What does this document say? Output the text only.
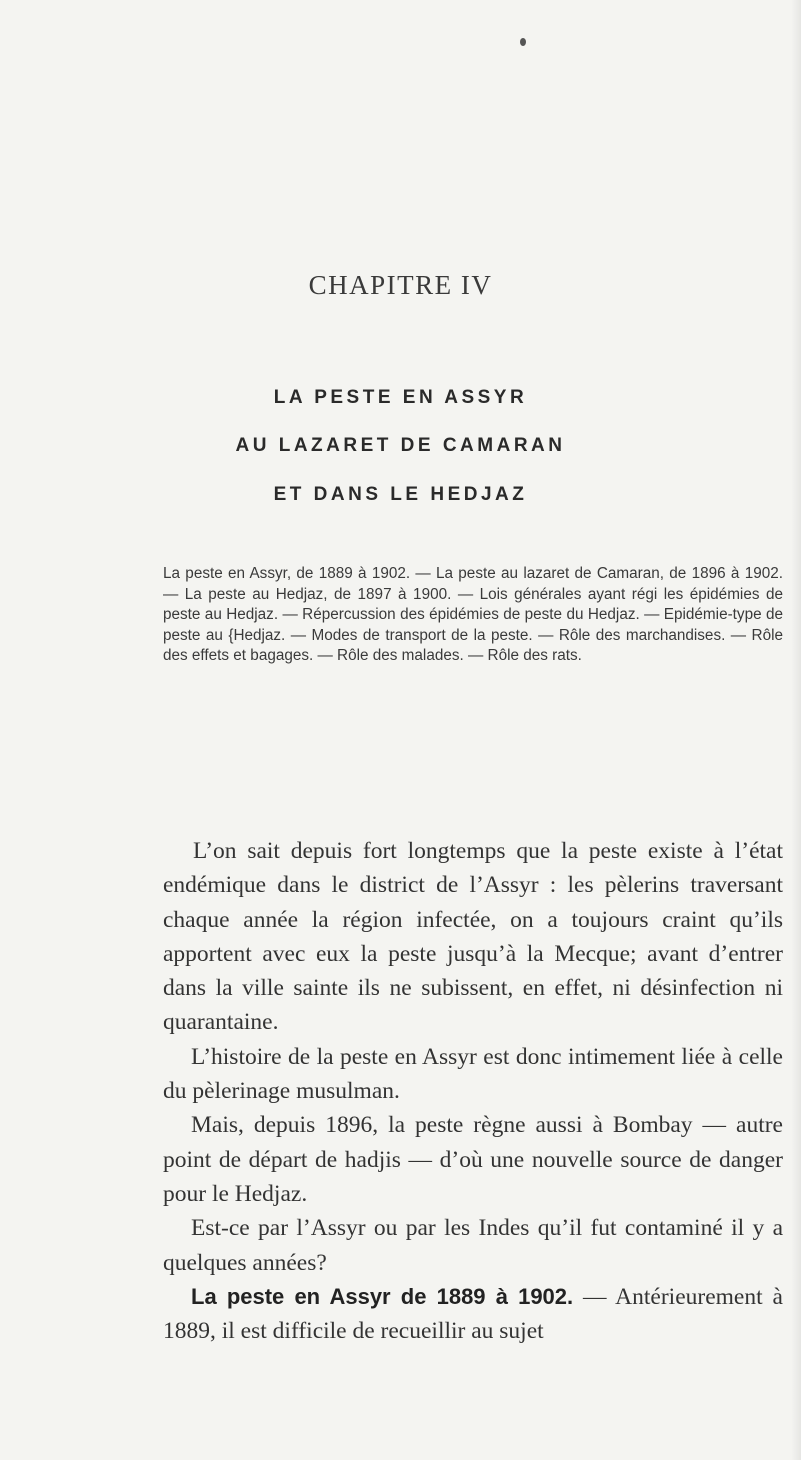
CHAPITRE IV
LA PESTE EN ASSYR
AU LAZARET DE CAMARAN
ET DANS LE HEDJAZ
La peste en Assyr, de 1889 à 1902. — La peste au lazaret de Camaran, de 1896 à 1902. — La peste au Hedjaz, de 1897 à 1900. — Lois générales ayant régi les épidémies de peste au Hedjaz. — Répercussion des épidémies de peste du Hedjaz. — Epidémie-type de peste au {Hedjaz. — Modes de transport de la peste. — Rôle des marchandises. — Rôle des effets et bagages. — Rôle des malades. — Rôle des rats.

L’on sait depuis fort longtemps que la peste existe à l’état endémique dans le district de l’Assyr : les pèlerins traversant chaque année la région infectée, on a toujours craint qu’ils apportent avec eux la peste jusqu’à la Mecque; avant d’entrer dans la ville sainte ils ne subissent, en effet, ni désinfection ni quarantaine.

L’histoire de la peste en Assyr est donc intimement liée à celle du pèlerinage musulman.

Mais, depuis 1896, la peste règne aussi à Bombay — autre point de départ de hadjis — d’où une nouvelle source de danger pour le Hedjaz.

Est-ce par l’Assyr ou par les Indes qu’il fut contaminé il y a quelques années?

La peste en Assyr de 1889 à 1902. — Antérieurement à 1889, il est difficile de recueillir au sujet
